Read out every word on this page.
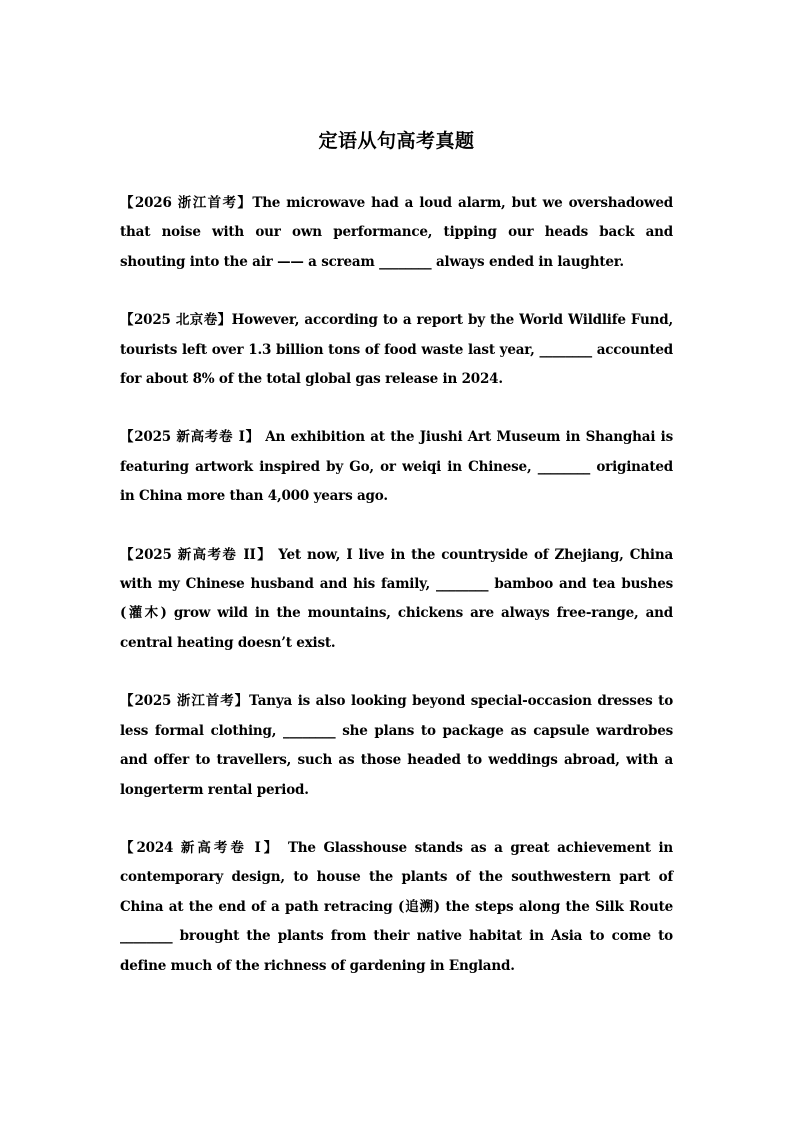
定语从句高考真题

【2026 浙江首考】The microwave had a loud alarm, but we overshadowed that noise with our own performance, tipping our heads back and shouting into the air —— a scream ________ always ended in laughter.

【2025 北京卷】However, according to a report by the World Wildlife Fund, tourists left over 1.3 billion tons of food waste last year, ________ accounted for about 8% of the total global gas release in 2024.

【2025 新高考卷 I】 An exhibition at the Jiushi Art Museum in Shanghai is featuring artwork inspired by Go, or weiqi in Chinese, ________ originated in China more than 4,000 years ago.

【2025 新高考卷 II】 Yet now, I live in the countryside of Zhejiang, China with my Chinese husband and his family, ________ bamboo and tea bushes (灌木) grow wild in the mountains, chickens are always free-range, and central heating doesn’t exist.

【2025 浙江首考】Tanya is also looking beyond special-occasion dresses to less formal clothing, ________ she plans to package as capsule wardrobes and offer to travellers, such as those headed to weddings abroad, with a longerterm rental period.

【2024 新高考卷 I】 The Glasshouse stands as a great achievement in contemporary design, to house the plants of the southwestern part of China at the end of a path retracing (追溯) the steps along the Silk Route ________ brought the plants from their native habitat in Asia to come to define much of the richness of gardening in England.
